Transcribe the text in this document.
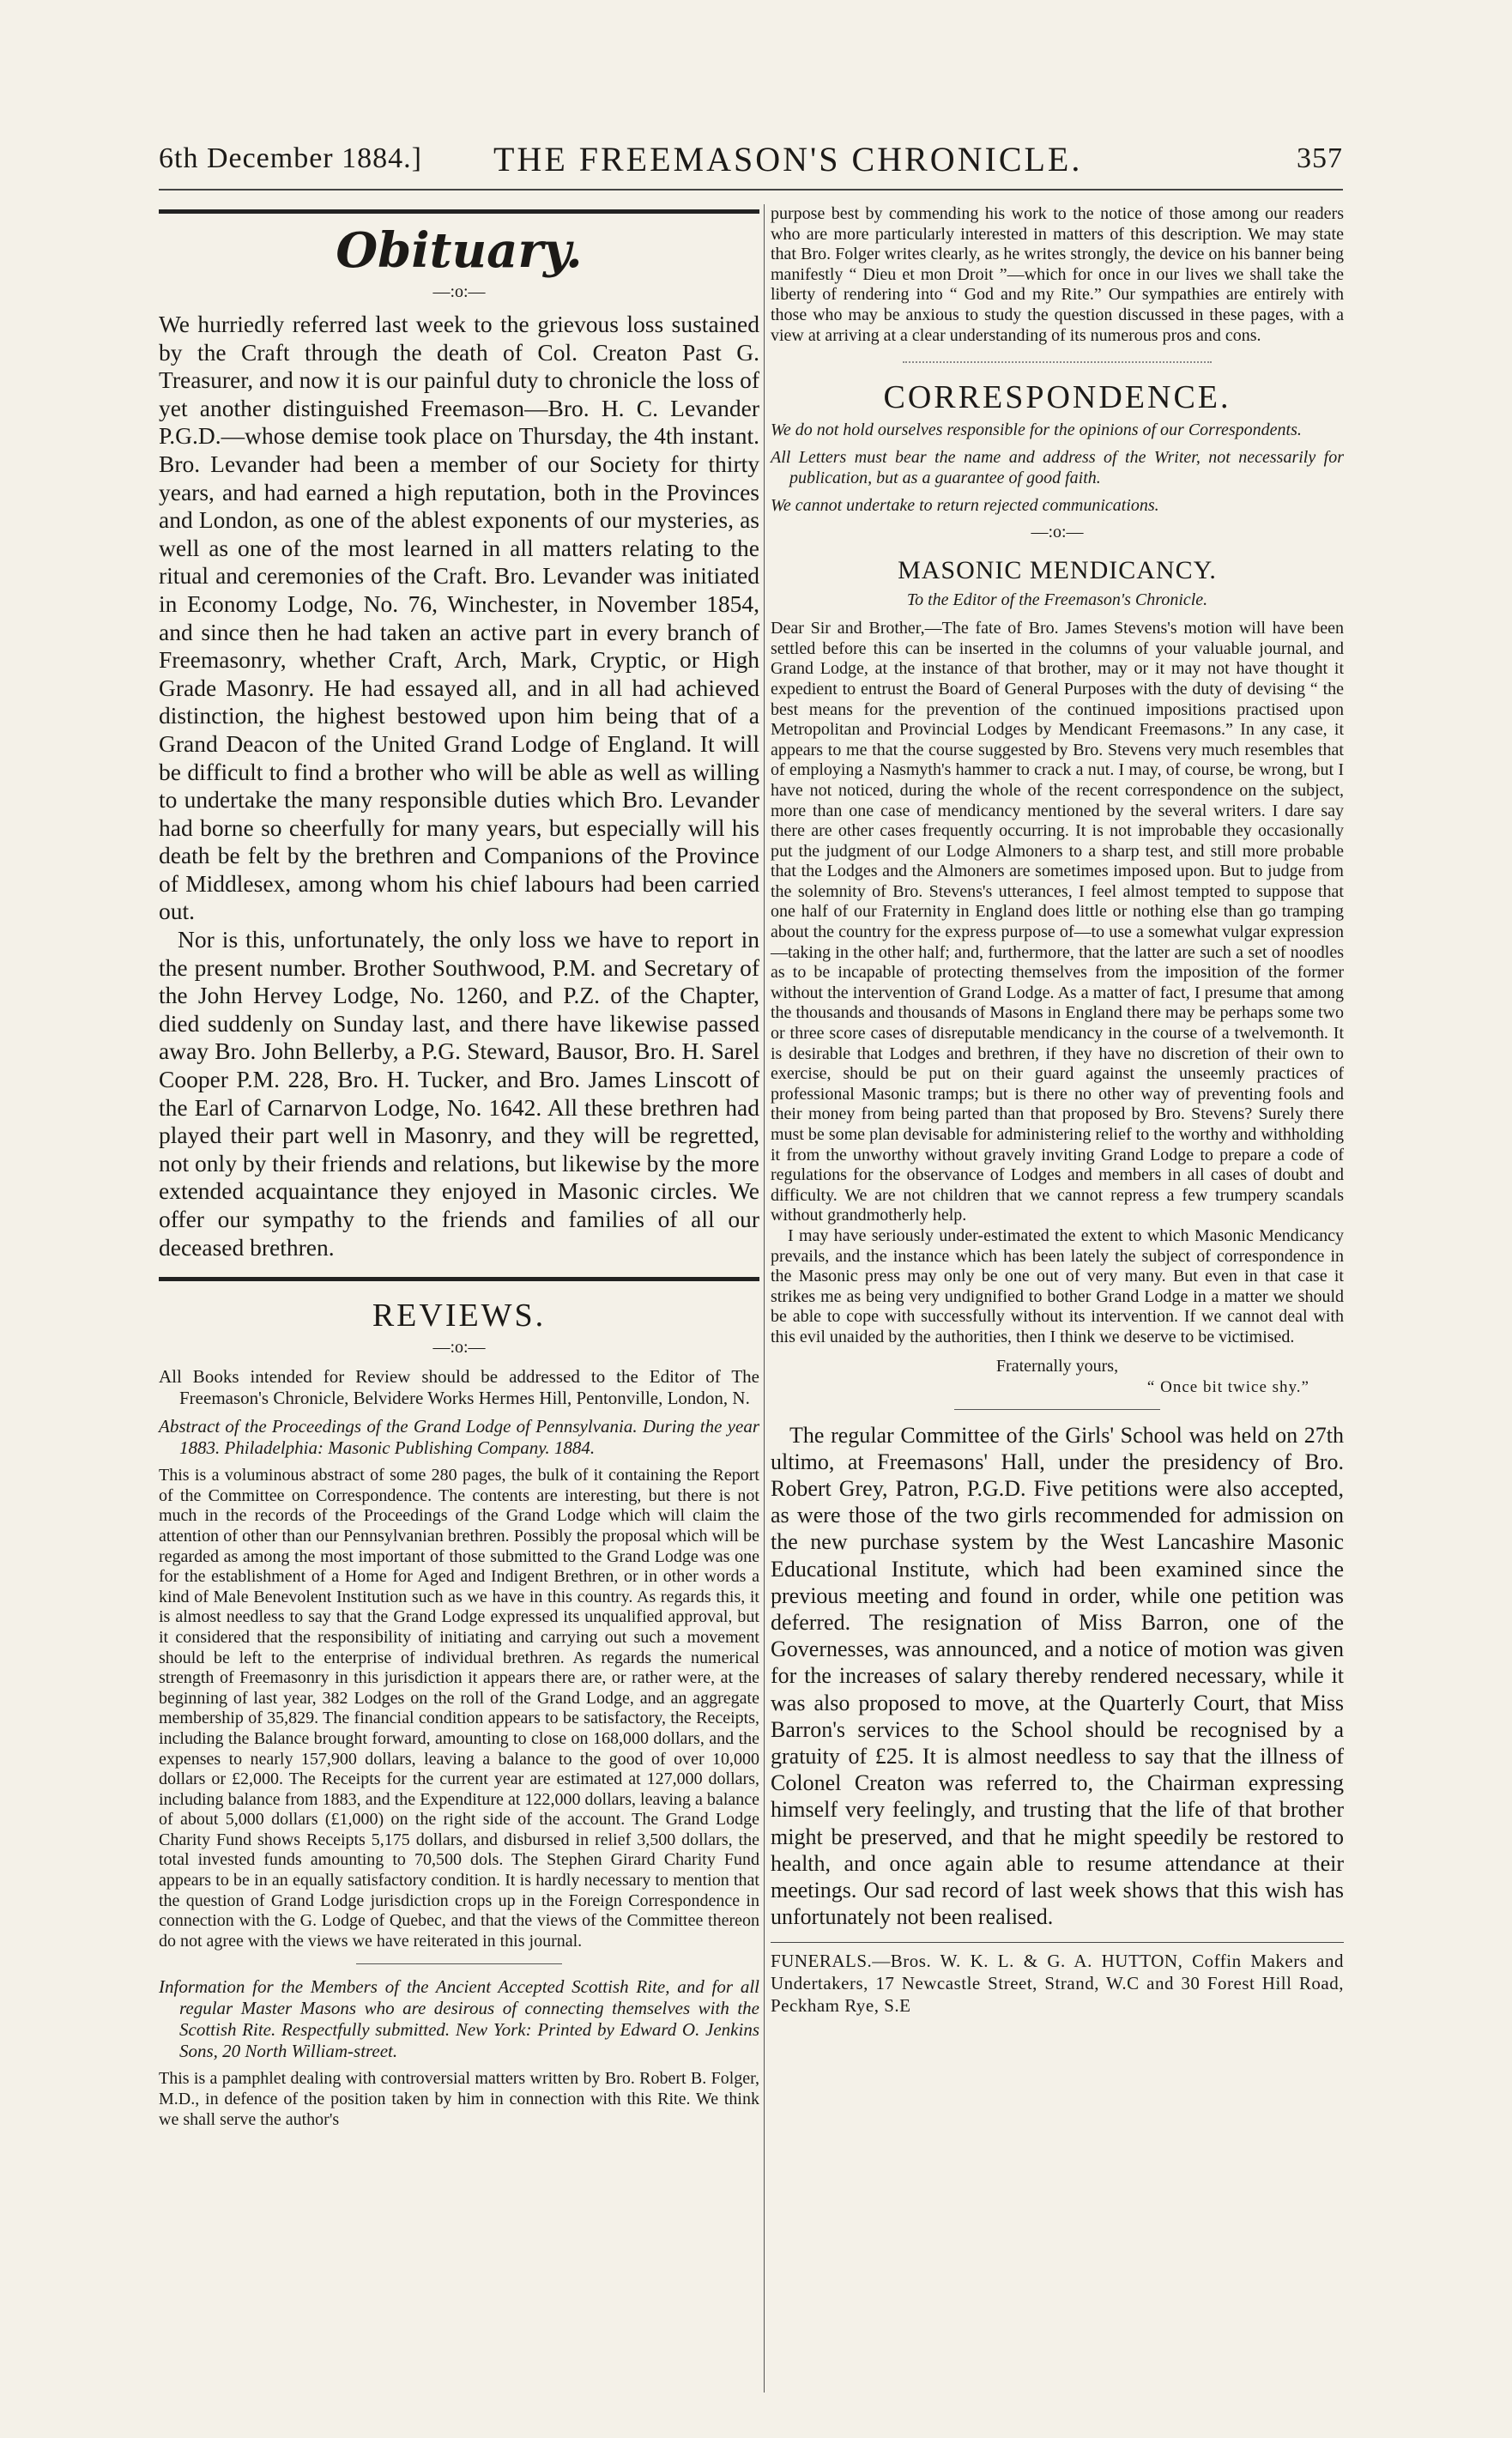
6th December 1884.] THE FREEMASON'S CHRONICLE.	357
Obituary.
—:o:—

We hurriedly referred last week to the grievous loss sustained by the Craft through the death of Col. Creaton Past G. Treasurer, and now it is our painful duty to chronicle the loss of yet another distinguished Freemason—Bro. H. C. Levander P.G.D.—whose demise took place on Thursday, the 4th instant. Bro. Levander had been a member of our Society for thirty years, and had earned a high reputation, both in the Provinces and London, as one of the ablest exponents of our mysteries, as well as one of the most learned in all matters relating to the ritual and ceremonies of the Craft. Bro. Levander was initiated in Economy Lodge, No. 76, Winchester, in November 1854, and since then he had taken an active part in every branch of Freemasonry, whether Craft, Arch, Mark, Cryptic, or High Grade Masonry. He had essayed all, and in all had achieved distinction, the highest bestowed upon him being that of a Grand Deacon of the United Grand Lodge of England. It will be difficult to find a brother who will be able as well as willing to undertake the many responsible duties which Bro. Levander had borne so cheerfully for many years, but especially will his death be felt by the brethren and Companions of the Province of Middlesex, among whom his chief labours had been carried out.

Nor is this, unfortunately, the only loss we have to report in the present number. Brother Southwood, P.M. and Secretary of the John Hervey Lodge, No. 1260, and P.Z. of the Chapter, died suddenly on Sunday last, and there have likewise passed away Bro. John Bellerby, a P.G. Steward, Bausor, Bro. H. Sarel Cooper P.M. 228, Bro. H. Tucker, and Bro. James Linscott of the Earl of Carnarvon Lodge, No. 1642. All these brethren had played their part well in Masonry, and they will be regretted, not only by their friends and relations, but likewise by the more extended acquaintance they enjoyed in Masonic circles. We offer our sympathy to the friends and families of all our deceased brethren.

REVIEWS.
—:o:—

All Books intended for Review should be addressed to the Editor of The Freemason's Chronicle, Belvidere Works Hermes Hill, Pentonville, London, N.

Abstract of the Proceedings of the Grand Lodge of Pennsylvania. During the year 1883. Philadelphia: Masonic Publishing Company. 1884.

This is a voluminous abstract of some 280 pages, the bulk of it containing the Report of the Committee on Correspondence. The contents are interesting, but there is not much in the records of the Proceedings of the Grand Lodge which will claim the attention of other than our Pennsylvanian brethren. Possibly the proposal which will be regarded as among the most important of those submitted to the Grand Lodge was one for the establishment of a Home for Aged and Indigent Brethren, or in other words a kind of Male Benevolent Institution such as we have in this country. As regards this, it is almost needless to say that the Grand Lodge expressed its unqualified approval, but it considered that the responsibility of initiating and carrying out such a movement should be left to the enterprise of individual brethren. As regards the numerical strength of Freemasonry in this jurisdiction it appears there are, or rather were, at the beginning of last year, 382 Lodges on the roll of the Grand Lodge, and an aggregate membership of 35,829. The financial condition appears to be satisfactory, the Receipts, including the Balance brought forward, amounting to close on 168,000 dollars, and the expenses to nearly 157,900 dollars, leaving a balance to the good of over 10,000 dollars or £2,000. The Receipts for the current year are estimated at 127,000 dollars, including balance from 1883, and the Expenditure at 122,000 dollars, leaving a balance of about 5,000 dollars (£1,000) on the right side of the account. The Grand Lodge Charity Fund shows Receipts 5,175 dollars, and disbursed in relief 3,500 dollars, the total invested funds amounting to 70,500 dols. The Stephen Girard Charity Fund appears to be in an equally satisfactory condition. It is hardly necessary to mention that the question of Grand Lodge jurisdiction crops up in the Foreign Correspondence in connection with the G. Lodge of Quebec, and that the views of the Committee thereon do not agree with the views we have reiterated in this journal.

Information for the Members of the Ancient Accepted Scottish Rite, and for all regular Master Masons who are desirous of connecting themselves with the Scottish Rite. Respectfully submitted. New York: Printed by Edward O. Jenkins Sons, 20 North William-street.

This is a pamphlet dealing with controversial matters written by Bro. Robert B. Folger, M.D., in defence of the position taken by him in connection with this Rite. We think we shall serve the author's

purpose best by commending his work to the notice of those among our readers who are more particularly interested in matters of this description. We may state that Bro. Folger writes clearly, as he writes strongly, the device on his banner being manifestly “ Dieu et mon Droit ”—which for once in our lives we shall take the liberty of rendering into “ God and my Rite.” Our sympathies are entirely with those who may be anxious to study the question discussed in these pages, with a view at arriving at a clear understanding of its numerous pros and cons.

CORRESPONDENCE.

We do not hold ourselves responsible for the opinions of our Correspondents.

All Letters must bear the name and address of the Writer, not necessarily for publication, but as a guarantee of good faith.

We cannot undertake to return rejected communications.

—:o:—
MASONIC MENDICANCY.
To the Editor of the Freemason's Chronicle.

Dear Sir and Brother,—The fate of Bro. James Stevens's motion will have been settled before this can be inserted in the columns of your valuable journal, and Grand Lodge, at the instance of that brother, may or it may not have thought it expedient to entrust the Board of General Purposes with the duty of devising “ the best means for the prevention of the continued impositions practised upon Metropolitan and Provincial Lodges by Mendicant Freemasons.” In any case, it appears to me that the course suggested by Bro. Stevens very much resembles that of employing a Nasmyth's hammer to crack a nut. I may, of course, be wrong, but I have not noticed, during the whole of the recent correspondence on the subject, more than one case of mendicancy mentioned by the several writers. I dare say there are other cases frequently occurring. It is not improbable they occasionally put the judgment of our Lodge Almoners to a sharp test, and still more probable that the Lodges and the Almoners are sometimes imposed upon. But to judge from the solemnity of Bro. Stevens's utterances, I feel almost tempted to suppose that one half of our Fraternity in England does little or nothing else than go tramping about the country for the express purpose of—to use a somewhat vulgar expression—taking in the other half; and, furthermore, that the latter are such a set of noodles as to be incapable of protecting themselves from the imposition of the former without the intervention of Grand Lodge. As a matter of fact, I presume that among the thousands and thousands of Masons in England there may be perhaps some two or three score cases of disreputable mendicancy in the course of a twelvemonth. It is desirable that Lodges and brethren, if they have no discretion of their own to exercise, should be put on their guard against the unseemly practices of professional Masonic tramps; but is there no other way of preventing fools and their money from being parted than that proposed by Bro. Stevens? Surely there must be some plan devisable for administering relief to the worthy and withholding it from the unworthy without gravely inviting Grand Lodge to prepare a code of regulations for the observance of Lodges and members in all cases of doubt and difficulty. We are not children that we cannot repress a few trumpery scandals without grandmotherly help.

I may have seriously under-estimated the extent to which Masonic Mendicancy prevails, and the instance which has been lately the subject of correspondence in the Masonic press may only be one out of very many. But even in that case it strikes me as being very undignified to bother Grand Lodge in a matter we should be able to cope with successfully without its intervention. If we cannot deal with this evil unaided by the authorities, then I think we deserve to be victimised.

Fraternally yours,
“ Once bit twice shy.”

The regular Committee of the Girls' School was held on 27th ultimo, at Freemasons' Hall, under the presidency of Bro. Robert Grey, Patron, P.G.D. Five petitions were also accepted, as were those of the two girls recommended for admission on the new purchase system by the West Lancashire Masonic Educational Institute, which had been examined since the previous meeting and found in order, while one petition was deferred. The resignation of Miss Barron, one of the Governesses, was announced, and a notice of motion was given for the increases of salary thereby rendered necessary, while it was also proposed to move, at the Quarterly Court, that Miss Barron's services to the School should be recognised by a gratuity of £25. It is almost needless to say that the illness of Colonel Creaton was referred to, the Chairman expressing himself very feelingly, and trusting that the life of that brother might be preserved, and that he might speedily be restored to health, and once again able to resume attendance at their meetings. Our sad record of last week shows that this wish has unfortunately not been realised.

FUNERALS.—Bros. W. K. L. & G. A. HUTTON, Coffin Makers and Undertakers, 17 Newcastle Street, Strand, W.C and 30 Forest Hill Road, Peckham Rye, S.E
